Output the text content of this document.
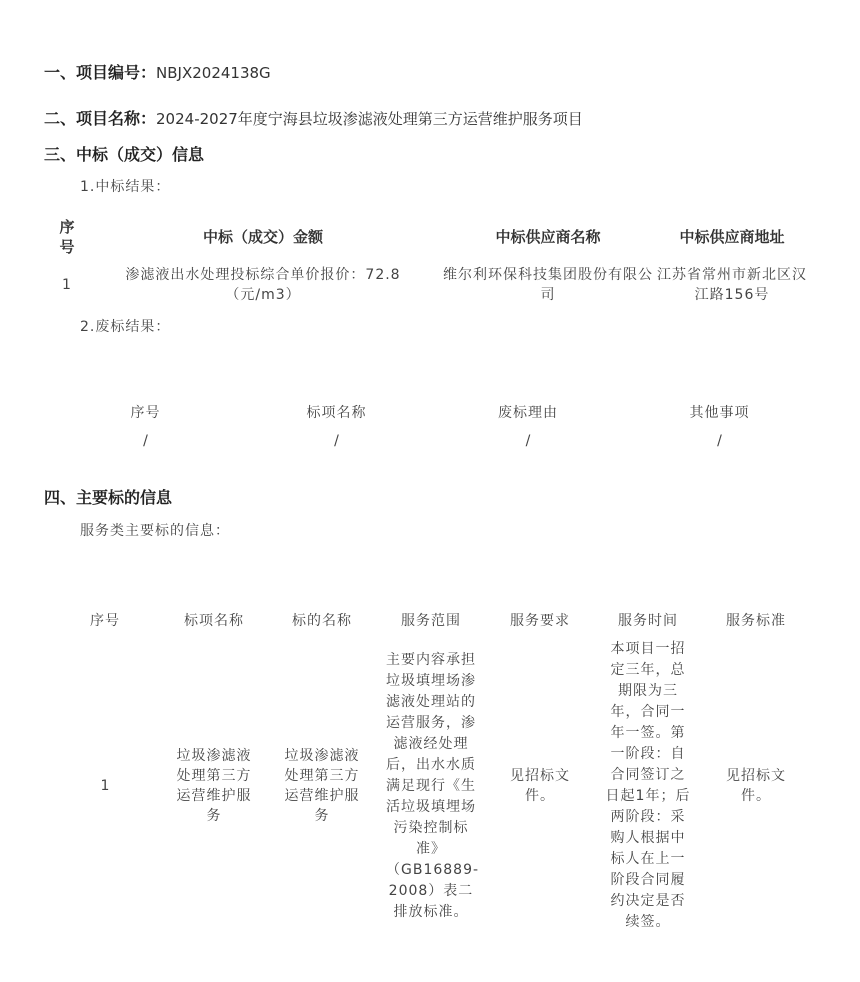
一、项目编号：NBJX2024138G
二、项目名称：2024-2027年度宁海县垃圾渗滤液处理第三方运营维护服务项目
三、中标（成交）信息
1.中标结果：
序号	中标（成交）金额	中标供应商名称	中标供应商地址
1	渗滤液出水处理投标综合单价报价：72.8（元/m3）	维尔利环保科技集团股份有限公司	江苏省常州市新北区汉江路156号
2.废标结果：
序号	标项名称	废标理由	其他事项
/	/	/	/
四、主要标的信息
服务类主要标的信息：
序号	标项名称	标的名称	服务范围	服务要求	服务时间	服务标准
1	垃圾渗滤液处理第三方运营维护服务	垃圾渗滤液处理第三方运营维护服务	主要内容承担垃圾填埋场渗滤液处理站的运营服务，渗滤液经处理后，出水水质满足现行《生活垃圾填埋场污染控制标准》（GB16889-2008）表二排放标准。	见招标文件。	本项目一招定三年，总期限为三年，合同一年一签。第一阶段：自合同签订之日起1年；后两阶段：采购人根据中标人在上一阶段合同履约决定是否续签。	见招标文件。
